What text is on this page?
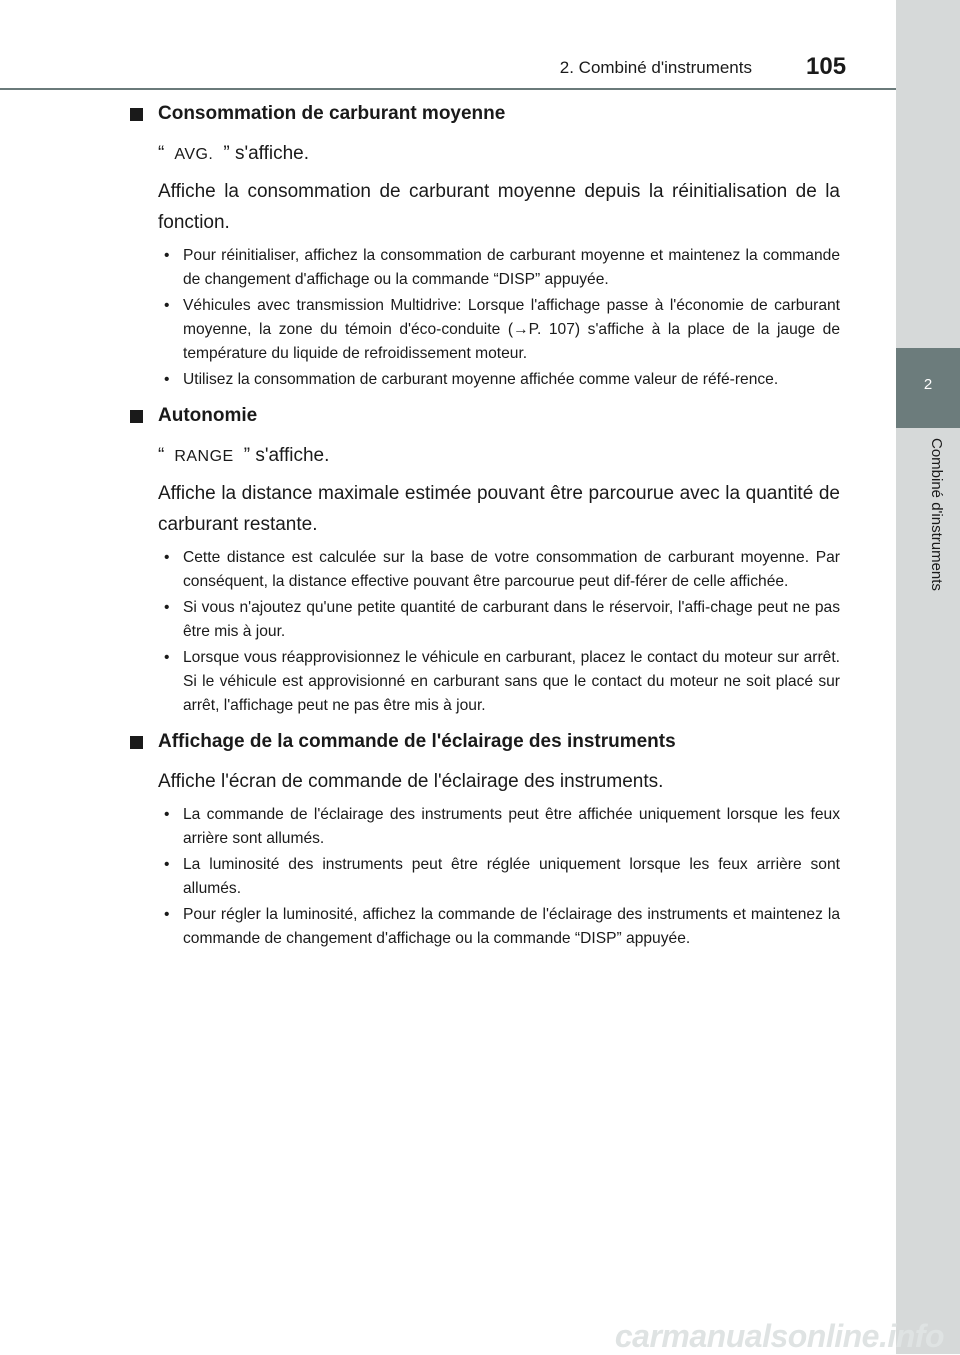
2. Combiné d'instruments 105
2
Combiné d'instruments
Consommation de carburant moyenne

“ AVG. ” s'affiche.

Affiche la consommation de carburant moyenne depuis la réinitialisation de la fonction.

• Pour réinitialiser, affichez la consommation de carburant moyenne et maintenez la commande de changement d'affichage ou la commande “DISP” appuyée.
• Véhicules avec transmission Multidrive: Lorsque l'affichage passe à l'économie de carburant moyenne, la zone du témoin d'éco-conduite (→P. 107) s'affiche à la place de la jauge de température du liquide de refroidissement moteur.
• Utilisez la consommation de carburant moyenne affichée comme valeur de réfé-rence.
Autonomie

“ RANGE ” s'affiche.

Affiche la distance maximale estimée pouvant être parcourue avec la quantité de carburant restante.

• Cette distance est calculée sur la base de votre consommation de carburant moyenne. Par conséquent, la distance effective pouvant être parcourue peut dif-férer de celle affichée.
• Si vous n'ajoutez qu'une petite quantité de carburant dans le réservoir, l'affi-chage peut ne pas être mis à jour.
• Lorsque vous réapprovisionnez le véhicule en carburant, placez le contact du moteur sur arrêt. Si le véhicule est approvisionné en carburant sans que le contact du moteur ne soit placé sur arrêt, l'affichage peut ne pas être mis à jour.
Affichage de la commande de l'éclairage des instruments

Affiche l'écran de commande de l'éclairage des instruments.

• La commande de l'éclairage des instruments peut être affichée uniquement lorsque les feux arrière sont allumés.
• La luminosité des instruments peut être réglée uniquement lorsque les feux arrière sont allumés.
• Pour régler la luminosité, affichez la commande de l'éclairage des instruments et maintenez la commande de changement d'affichage ou la commande “DISP” appuyée.
carmanualsonline.info
